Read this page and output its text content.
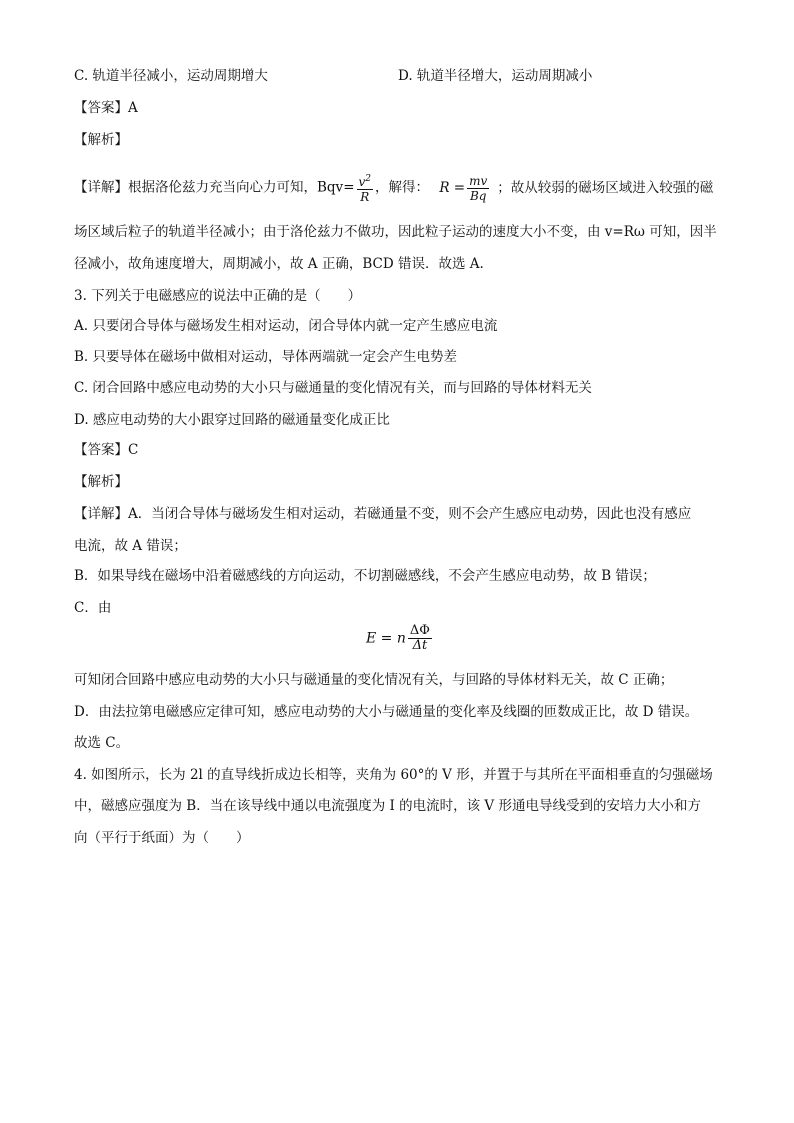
C. 轨道半径减小，运动周期增大	D. 轨道半径增大，运动周期减小
【答案】A
【解析】
【详解】根据洛伦兹力充当向心力可知，$Bqv= \frac{v^2}{R}$ ，解得： $R = \frac{mv}{Bq}$ ；故从较弱的磁场区域进入较强的磁
场区域后粒子的轨道半径减小；由于洛伦兹力不做功，因此粒子运动的速度大小不变，由 v=Rω 可知，因半
径减小，故角速度增大，周期减小，故 A 正确，BCD 错误．故选 A.
3. 下列关于电磁感应的说法中正确的是（　　）
A. 只要闭合导体与磁场发生相对运动，闭合导体内就一定产生感应电流
B. 只要导体在磁场中做相对运动，导体两端就一定会产生电势差
C. 闭合回路中感应电动势的大小只与磁通量的变化情况有关，而与回路的导体材料无关
D. 感应电动势的大小跟穿过回路的磁通量变化成正比
【答案】C
【解析】
【详解】A．当闭合导体与磁场发生相对运动，若磁通量不变，则不会产生感应电动势，因此也没有感应
电流，故 A 错误；
B．如果导线在磁场中沿着磁感线的方向运动，不切割磁感线，不会产生感应电动势，故 B 错误；
C．由
E = n $\frac{\Delta\Phi}{\Delta t}$
可知闭合回路中感应电动势的大小只与磁通量的变化情况有关，与回路的导体材料无关，故 C 正确；
D．由法拉第电磁感应定律可知，感应电动势的大小与磁通量的变化率及线圈的匝数成正比，故 D 错误。
故选 C。
4. 如图所示，长为 2l 的直导线折成边长相等，夹角为 60°的 V 形，并置于与其所在平面相垂直的匀强磁场
中，磁感应强度为 B．当在该导线中通以电流强度为 I 的电流时，该 V 形通电导线受到的安培力大小和方
向（平行于纸面）为（　　）
